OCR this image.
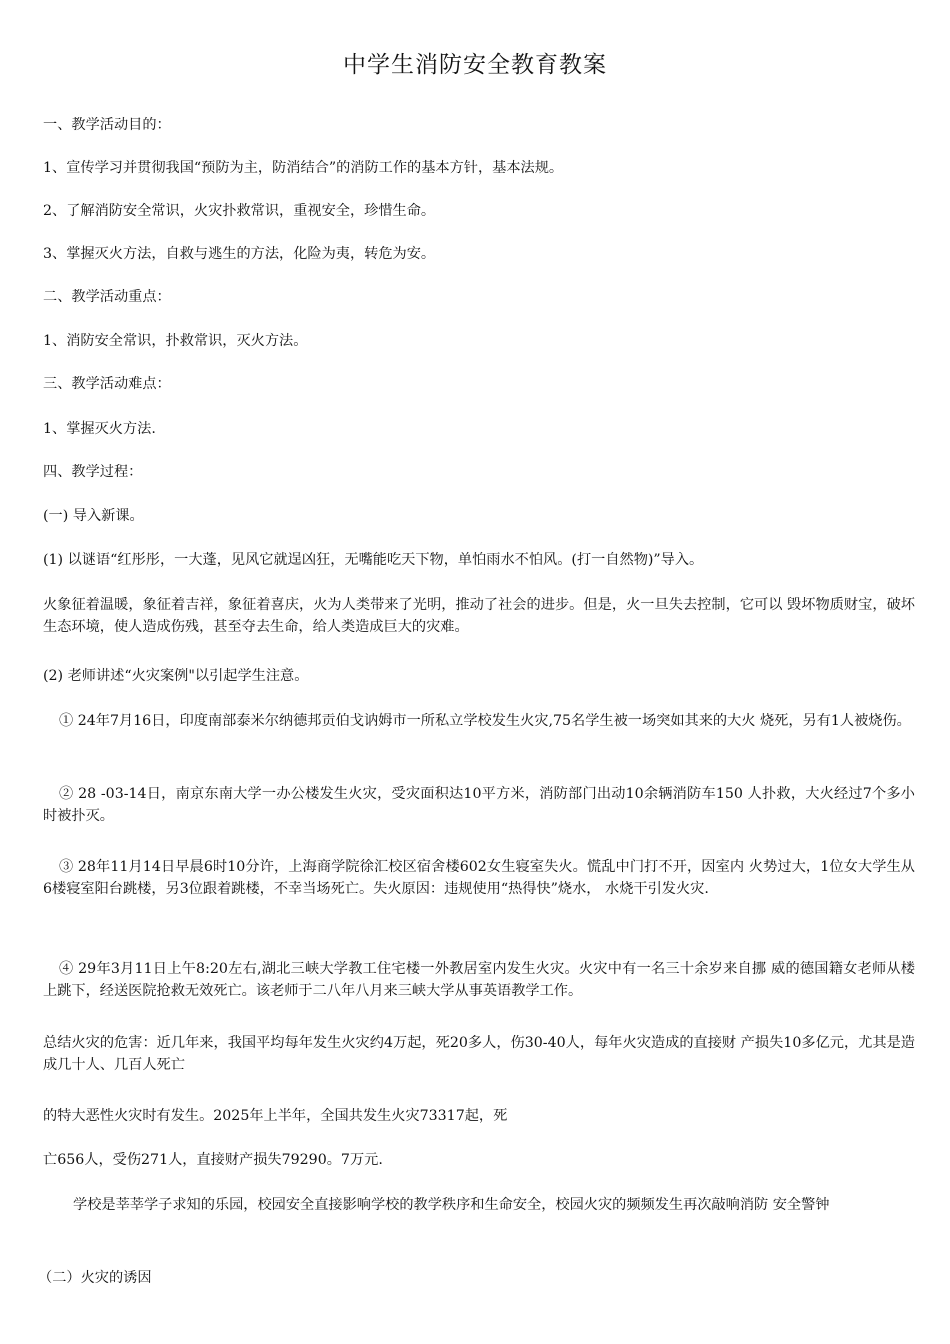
中学生消防安全教育教案
一、教学活动目的：
1、宣传学习并贯彻我国“预防为主，防消结合”的消防工作的基本方针，基本法规。
2、了解消防安全常识，火灾扑救常识，重视安全，珍惜生命。
3、掌握灭火方法，自救与逃生的方法，化险为夷，转危为安。
二、教学活动重点：
1、消防安全常识，扑救常识，灭火方法。
三、教学活动难点：
1、掌握灭火方法.
四、教学过程：
(一) 导入新课。
(1) 以谜语“红彤彤，一大蓬，见风它就逞凶狂，无嘴能吃天下物，单怕雨水不怕风。(打一自然物)”导入。
火象征着温暖，象征着吉祥，象征着喜庆，火为人类带来了光明，推动了社会的进步。但是，火一旦失去控制，它可以 毁坏物质财宝，破坏生态环境，使人造成伤残，甚至夺去生命，给人类造成巨大的灾难。
(2) 老师讲述“火灾案例"以引起学生注意。
① 24年7月16日，印度南部泰米尔纳德邦贡伯戈讷姆市一所私立学校发生火灾,75名学生被一场突如其来的大火 烧死，另有1人被烧伤。
② 28 -03-14日，南京东南大学一办公楼发生火灾，受灾面积达10平方米，消防部门出动10余辆消防车150 人扑救，大火经过7个多小时被扑灭。
③ 28年11月14日早晨6时10分许，上海商学院徐汇校区宿舍楼602女生寝室失火。慌乱中门打不开，因室内 火势过大，1位女大学生从6楼寝室阳台跳楼，另3位跟着跳楼，不幸当场死亡。失火原因：违规使用“热得快”烧水， 水烧干引发火灾.
④ 29年3月11日上午8:20左右,湖北三峡大学教工住宅楼一外教居室内发生火灾。火灾中有一名三十余岁来自挪 威的德国籍女老师从楼上跳下，经送医院抢救无效死亡。该老师于二八年八月来三峡大学从事英语教学工作。
总结火灾的危害：近几年来，我国平均每年发生火灾约4万起，死20多人，伤30-40人，每年火灾造成的直接财 产损失10多亿元，尤其是造成几十人、几百人死亡
的特大恶性火灾时有发生。2025年上半年，全国共发生火灾73317起，死
亡656人，受伤271人，直接财产损失79290。7万元.
学校是莘莘学子求知的乐园，校园安全直接影响学校的教学秩序和生命安全，校园火灾的频频发生再次敲响消防 安全警钟
（二）火灾的诱因
